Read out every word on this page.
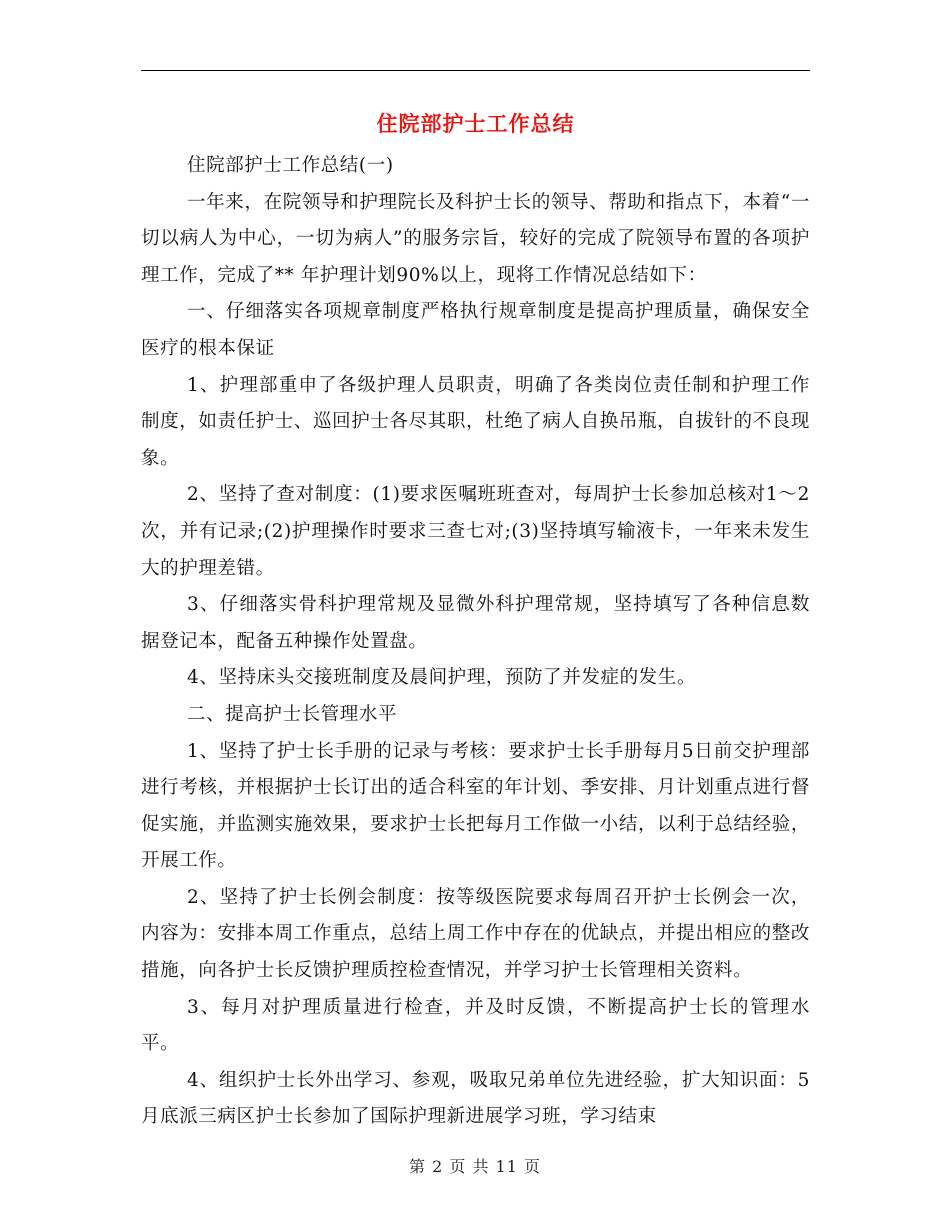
住院部护士工作总结

住院部护士工作总结(一)

一年来，在院领导和护理院长及科护士长的领导、帮助和指点下，本着“一切以病人为中心，一切为病人”的服务宗旨，较好的完成了院领导布置的各项护理工作，完成了** 年护理计划90%以上，现将工作情况总结如下：

一、仔细落实各项规章制度严格执行规章制度是提高护理质量，确保安全医疗的根本保证

1、护理部重申了各级护理人员职责，明确了各类岗位责任制和护理工作制度，如责任护士、巡回护士各尽其职，杜绝了病人自换吊瓶，自拔针的不良现象。

2、坚持了查对制度：(1)要求医嘱班班查对，每周护士长参加总核对1～2次，并有记录;(2)护理操作时要求三查七对;(3)坚持填写输液卡，一年来未发生大的护理差错。

3、仔细落实骨科护理常规及显微外科护理常规，坚持填写了各种信息数据登记本，配备五种操作处置盘。

4、坚持床头交接班制度及晨间护理，预防了并发症的发生。

二、提高护士长管理水平

1、坚持了护士长手册的记录与考核：要求护士长手册每月5日前交护理部进行考核，并根据护士长订出的适合科室的年计划、季安排、月计划重点进行督促实施，并监测实施效果，要求护士长把每月工作做一小结，以利于总结经验，开展工作。

2、坚持了护士长例会制度：按等级医院要求每周召开护士长例会一次，内容为：安排本周工作重点，总结上周工作中存在的优缺点，并提出相应的整改措施，向各护士长反馈护理质控检查情况，并学习护士长管理相关资料。

3、每月对护理质量进行检查，并及时反馈，不断提高护士长的管理水平。

4、组织护士长外出学习、参观，吸取兄弟单位先进经验，扩大知识面：5月底派三病区护士长参加了国际护理新进展学习班，学习结束

第 2 页 共 11 页
